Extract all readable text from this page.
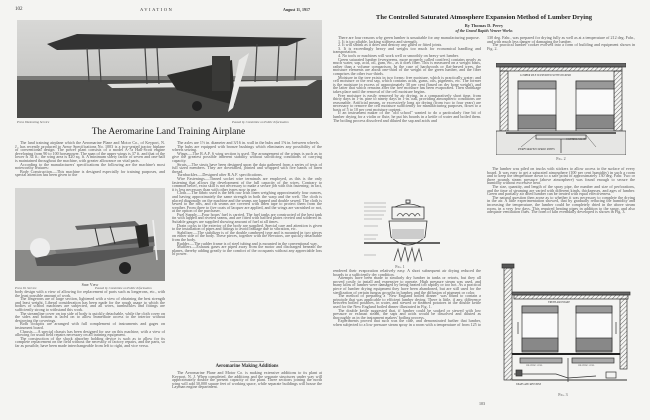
102	AVIATION	August 11, 1917
Press Illustrating Service	Passed by Committee on Public Information
The Aeromarine Land Training Airplane

The land training airplane which the Aeromarine Plane and Motor Co., of Keyport, N. J., has recently produced to Army Specifications No. 1003 is a two-seated tractor biplane of conventional design. The power plant consists of a model A-7a Hall-Scott engine developing from 90 to 100 horsepower. The span of the upper wings is 37 ft. and that of the lower is 34 ft.; the wing area is 420 sq. ft. A minimum safety factor of seven and one-half is maintained throughout the machine, with greater allowance on vital parts.

According to the manufacturers' specifications the following are the machine's most noteworthy features:

Body Construction.—This machine is designed especially for training purposes, and special attention has been given to the

Side View
Press Ill. Service	Passed by Committee on Public Information

body design with a view of allowing for replacement of parts such as longerons, etc., with the least possible amount of work.

The longerons are of large section, lightened with a view of obtaining the best strength and least weight. Liberal consideration has been made for the rough usage to which the bodies of school machines are subjected, and all wires, turnbuckles and fittings are sufficiently strong to withstand this work.

The streamline cover on top side of body is quickly detachable, while the cloth cover on the sides and bottom is laced on to allow immediate access to the interior without destroying the coverings.

Both cockpits are arranged with full complement of instruments and gages on instrument board.

Chassis.—A special chassis has been designed for use on this machine, with a view of allowing for usual field repairs necessary on all training equipment.

The construction of the shock absorber holding device is such as to allow for its complete replacement on the field without the necessity of factory repairs, and the parts, so far as possible, have been made interchangeable from left to right, and vice versa.

The axles are 1½ in. diameter and 3/16 in. wall in the hubs and 1⅝ in. between wheels.

The hubs are equipped with bronze bushings which eliminates any possibility of the wheels seizing.

Wings.—The R.A.F. 6 wing section is used. The arrangement of the wings is such as to give the greatest possible inherent stability without sacrificing conditions of carrying capacity.

Struts.—The struts have been designed upon the data gathered from a series of tests of full sized members. They are dovetailed, jointed and wrapped with five bands of linen thread.

Turnbuckles.—Designed after R.A.F. specifications.

Wire Fastenings.—Tinned socket wire terminals are employed, as this is the only fastening that allows the development of the full capacity of the wires. Contrary to common belief, extra skill is not necessary to make a secure job with this fastening; in fact, it is less necessary than with other types now in use.

Cloth.—The fabric used is the best raw Irish linen weighing approximately four ounces, and having approximately the same strength in both the warp and the weft. The cloth is placed diagonally on the machine and the seams are lapped and double sewed. The cloth is sewed to the ribs, and rib seams are covered with linen tape to protect them from the weather. From three to five coats of lacquer are applied, and the wings are varnished or not, at the option of the purchaser.

Fuel Supply.—Four hours' fuel is carried. The fuel tanks are constructed of the best tank tin with lapped and riveted seams, and are fitted with baffled plates riveted and soldered in. Suitable gauges are supplied showing amount of fuel at all times.

Drain cocks to the exterior of the body are supplied. Special care and attention is given to the installation of pipes and fittings to avoid leakage due to vibration, etc.

Stabilizer.—The stabilizer is of the double cambered type and is mounted in two pieces on either side of the body. These pieces, together with the elevators, are quickly detachable from the body.

Rudder.—The rudder frame is of steel tubing and is mounted in the conventional way.

Mufflers.—Exhaust gases are piped away from the motor and discharged beneath the planes, thereby adding greatly to the comfort of the occupants without any appreciable loss of power.

Aeromarine Making Additions

The Aeromarine Plane and Motor Co. is making extensive additions to its plant at Keyport, N. J. When completed, the additions and the separate structures under way will approximately double the present capacity of the plant. Three sections joining the north wing will add 30,000 square feet of working space, while separate buildings will house the Layman engine department.

The Controlled Saturated Atmosphere Expansion Method of Lumber Drying
By Thomas D. Perry
of the Grand Rapids Veneer Works

There are four reasons why green lumber is unsuitable for any manufacturing purpose.

1. It is too pliable, lacking stiffness and strength.

2. It will shrink as it dries and destroy any glued or fitted joints.

3. It is exceedingly heavy and weighs too much for economical handling and transportation.

4. No tools or machines will work well or smoothly on heavy wet lumber.

Green saturated lumber (evergreens, more properly called conifers) contains nearly as much water, sap, acid, oil, gum, etc., as it does fiber. This is measured on a weight basis, rather than a volume comparison. In the case of hardwoods or flat-leaved trees, the moisture elements are about one-third of the weight of the green lumber, and the fiber comprises the other two-thirds.

Moisture in the tree exists in two forms: free moisture, which is practically water; and cell moisture or the real sap, which contains acids, gums, oils, pigments, etc. The former is the moisture in excess of approximately 30 per cent (based on dry bone weight), and the latter that which remains after the free moisture has been evaporated. Then shrinkage takes place until the removal of the cell moisture begins.

Free moisture is easily removed by air drying, in a comparatively short time, from thirty days in 1-in. pine to ninety days in 1-in. oak, providing atmospheric conditions are reasonable. Artificial means, or excessively long air drying (from two to four years) are necessary to remove the cell moisture sufficiently for manufacturing purposes, down to a basis of 5 to 10 per cent moisture content.

If an instrument maker of the "old school" wanted to do a particularly fine bit of lumber drying for a violin or flute, he put his boards in a kettle of water and boiled them. The boiling process dissolved and diluted the sap and acids and

Fig. 1

rendered their evaporation relatively easy. A short subsequent air drying reduced the boards to a sufficiently dry condition.

Attempts have been made to similarly dry lumber in tanks or retorts, but they all proved costly to install and expensive to operate. High pressure steam was used, and many kilns of lumber were damaged by being heated too rapidly or too hot. As a practical piece of lumber drying equipment they have been abandoned, but are still used for the sterilization of certain fungus growths in lumber, and the diffusion of pigment or color.

The method of preparing a "New England boiled dinner" was found to contain a principle that was applicable to efficient lumber drying. There is little, if any, difference between boiled potatoes, in water, and stewed or steamed potatoes in the double kettle used for the New England boiled dinner illustrated in Fig. 1.

The double kettle suggested that, if lumber could be soaked or stewed with low pressure or exhaust steam, the saps and acids would be dissolved and diluted as thoroughly as in the instrument makers' boiling process.

Experiments proved that such was the case, and demonstrated further that lumber, when subjected to a low pressure steam spray in a room with a temperature of from 125 to

130 deg. Fahr., was prepared for drying fully as well as at a temperature of 212 deg. Fahr., and with much less danger of damaging the lumber.

The practical lumber cooker evolved into a form of building and equipment shown in Fig. 2.

LUMBER PILE SUPPORTED WITH STICKERS
CONTROL VALVE
PERFORATED SPRAY PIPES
Fig. 2

The lumber was piled on trucks with stickers to allow access to the surface of every board. It was easy to get a saturated atmosphere (100 per cent humidity) in such a room and to keep the temperature down to a safe point of approximately 130 deg. Fahr. Two or three pounds steam pressure (above atmosphere) was found enough to secure the humidity without excessive heat.

The size, quantity, and length of the spray pipe, the number and size of perforations, and the time of steaming are varied with different kinds, thicknesses, and ages of lumber. Green and partially air dried lumber can be treated with equal effectiveness.

The natural question then arose as to whether it was necessary to complete the drying in the air. A little experimentation showed, that by gradually reducing the humidity and increasing the temperature, the lumber could be completely dried in the above steam room, in a very few days. This required heating pipes in addition to the spray, and also adequate ventilation flues. The form of kiln eventually developed is shown in Fig. 3.

FRESH AIR INTAKE
HEATING COIL	HEATING COIL
TRAPS AND RETURNS
Fig. 3
103
